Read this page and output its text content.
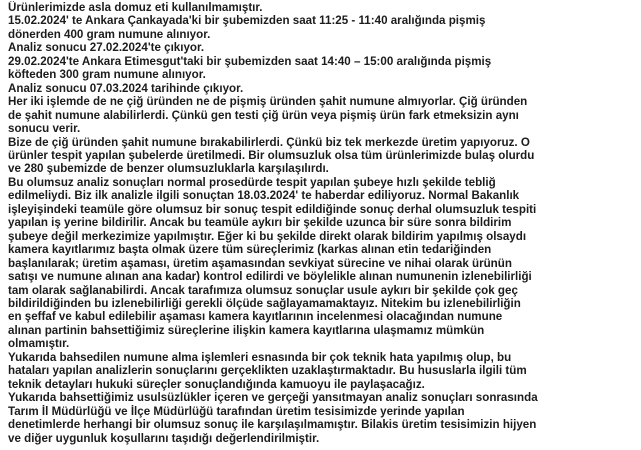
Ürünlerimizde asla domuz eti kullanılmamıştır.
15.02.2024' te Ankara Çankayada'ki bir şubemizden saat 11:25 - 11:40 aralığında pişmiş
dönerden 400 gram numune alınıyor.
Analiz sonucu 27.02.2024'te çıkıyor.
29.02.2024'te Ankara Etimesgut'taki bir şubemizden saat 14:40 – 15:00 aralığında pişmiş
köfteden 300 gram numune alınıyor.
Analiz sonucu 07.03.2024 tarihinde çıkıyor.
Her iki işlemde de ne çiğ üründen ne de pişmiş üründen şahit numune almıyorlar. Çiğ üründen
de şahit numune alabilirlerdi. Çünkü gen testi çiğ ürün veya pişmiş ürün fark etmeksizin aynı
sonucu verir.
Bize de çiğ üründen şahit numune bırakabilirlerdi. Çünkü biz tek merkezde üretim yapıyoruz. O
ürünler tespit yapılan şubelerde üretilmedi. Bir olumsuzluk olsa tüm ürünlerimizde bulaş olurdu
ve 280 şubemizde de benzer olumsuzluklarla karşılaşılırdı.
Bu olumsuz analiz sonuçları normal prosedürde tespit yapılan şubeye hızlı şekilde tebliğ
edilmeliydi. Biz ilk analizle ilgili sonuçtan 18.03.2024' te haberdar ediliyoruz. Normal Bakanlık
işleyişindeki teamüle göre olumsuz bir sonuç tespit edildiğinde sonuç derhal olumsuzluk tespiti
yapılan iş yerine bildirilir. Ancak bu teamüle aykırı bir şekilde uzunca bir süre sonra bildirim
şubeye değil merkezimize yapılmıştır. Eğer ki bu şekilde direkt olarak bildirim yapılmış olsaydı
kamera kayıtlarımız başta olmak üzere tüm süreçlerimiz (karkas alınan etin tedariğinden
başlanılarak; üretim aşaması, üretim aşamasından sevkiyat sürecine ve nihai olarak ürünün
satışı ve numune alınan ana kadar) kontrol edilirdi ve böylelikle alınan numunenin izlenebilirliği
tam olarak sağlanabilirdi. Ancak tarafımıza olumsuz sonuçlar usule aykırı bir şekilde çok geç
bildirildiğinden bu izlenebilirliği gerekli ölçüde sağlayamamaktayız. Nitekim bu izlenebilirliğin
en şeffaf ve kabul edilebilir aşaması kamera kayıtlarının incelenmesi olacağından numune
alınan partinin bahsettiğimiz süreçlerine ilişkin kamera kayıtlarına ulaşmamız mümkün
olmamıştır.
Yukarıda bahsedilen numune alma işlemleri esnasında bir çok teknik hata yapılmış olup, bu
hataları yapılan analizlerin sonuçlarını gerçeklikten uzaklaştırmaktadır. Bu hususlarla ilgili tüm
teknik detayları hukuki süreçler sonuçlandığında kamuoyu ile paylaşacağız.
Yukarıda bahsettiğimiz usulsüzlükler içeren ve gerçeği yansıtmayan analiz sonuçları sonrasında
Tarım İl Müdürlüğü ve İlçe Müdürlüğü tarafından üretim tesisimizde yerinde yapılan
denetimlerde herhangi bir olumsuz sonuç ile karşılaşılmamıştır. Bilakis üretim tesisimizin hijyen
ve diğer uygunluk koşullarını taşıdığı değerlendirilmiştir.
